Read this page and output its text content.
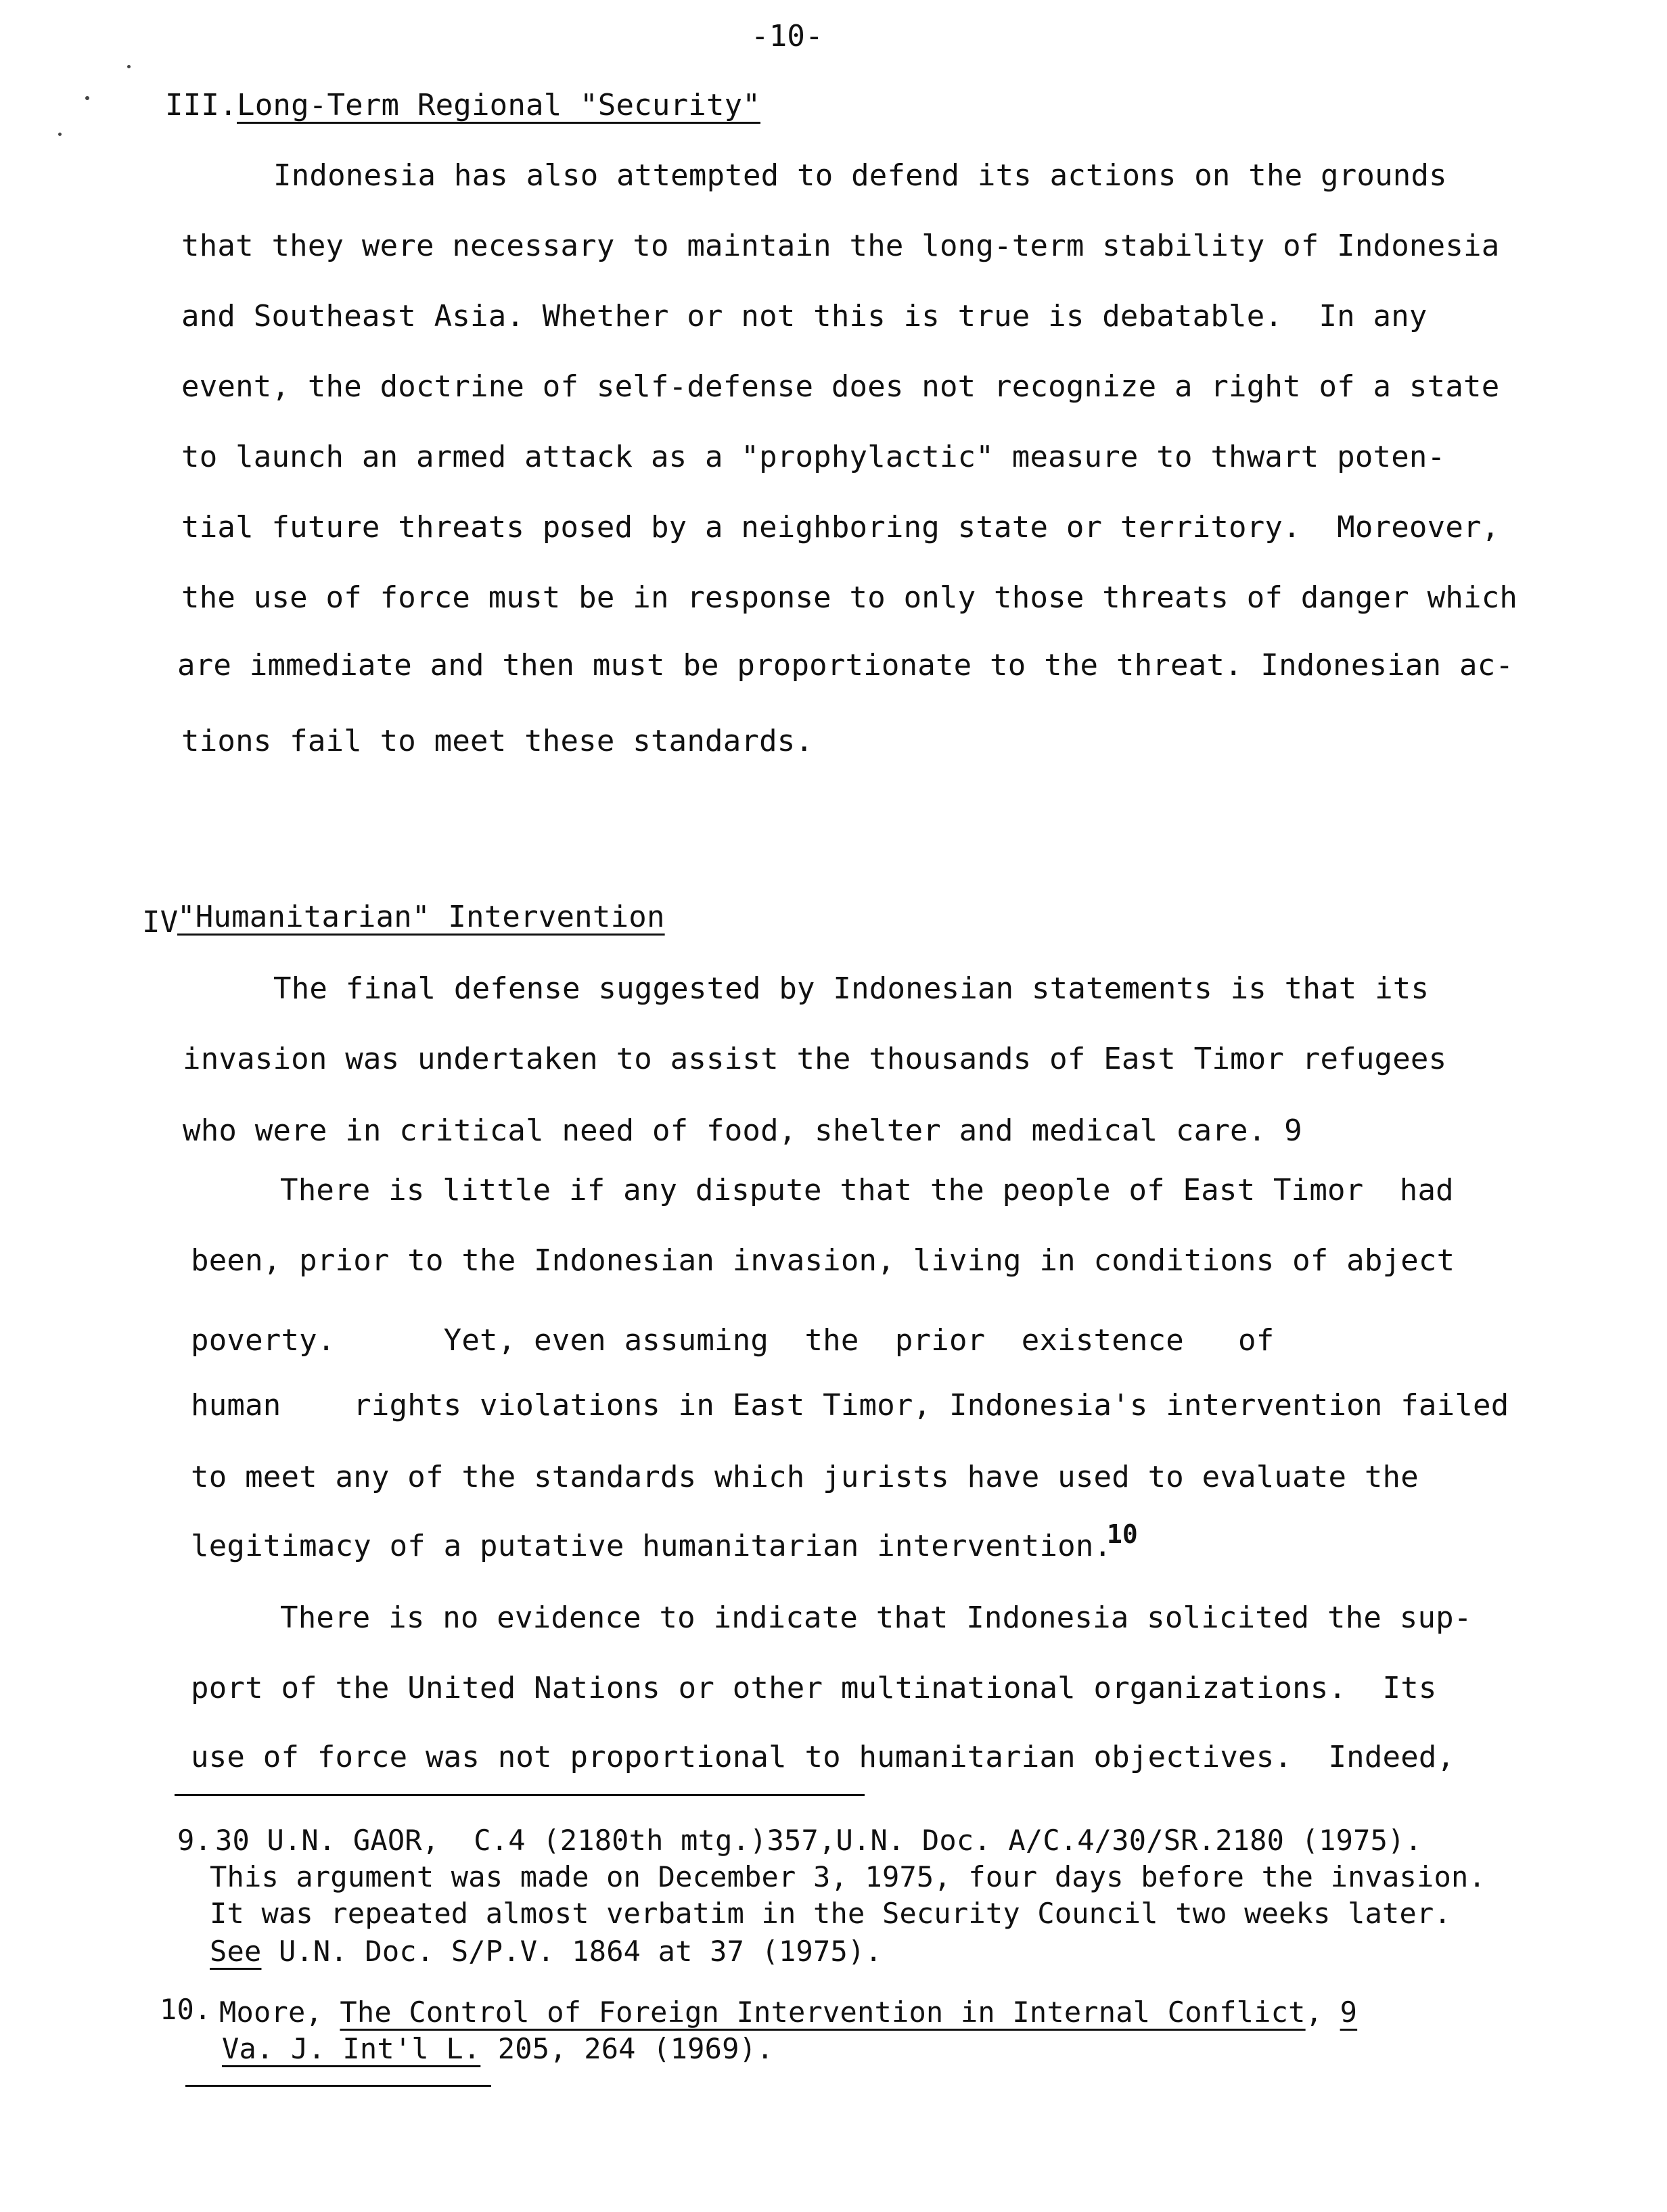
-10-
III. Long-Term Regional "Security"
Indonesia has also attempted to defend its actions on the grounds
that they were necessary to maintain the long-term stability of Indonesia
and Southeast Asia. Whether or not this is true is debatable.  In any
event, the doctrine of self-defense does not recognize a right of a state
to launch an armed attack as a "prophylactic" measure to thwart poten-
tial future threats posed by a neighboring state or territory.  Moreover,
the use of force must be in response to only those threats of danger which
are immediate and then must be proportionate to the threat. Indonesian ac-
tions fail to meet these standards.
IV
"Humanitarian" Intervention
The final defense suggested by Indonesian statements is that its
invasion was undertaken to assist the thousands of East Timor refugees
who were in critical need of food, shelter and medical care. 9
There is little if any dispute that the people of East Timor  had
been, prior to the Indonesian invasion, living in conditions of abject
poverty.      Yet, even assuming  the  prior  existence   of
human    rights violations in East Timor, Indonesia's intervention failed
to meet any of the standards which jurists have used to evaluate the
legitimacy of a putative humanitarian intervention.
10
There is no evidence to indicate that Indonesia solicited the sup-
port of the United Nations or other multinational organizations.  Its
use of force was not proportional to humanitarian objectives.  Indeed,
9. 30 U.N. GAOR,  C.4 (2180th mtg.)357,U.N. Doc. A/C.4/30/SR.2180 (1975).
This argument was made on December 3, 1975, four days before the invasion.
It was repeated almost verbatim in the Security Council two weeks later.
See U.N. Doc. S/P.V. 1864 at 37 (1975).
10. Moore, The Control of Foreign Intervention in Internal Conflict, 9
Va. J. Int'l L. 205, 264 (1969).
